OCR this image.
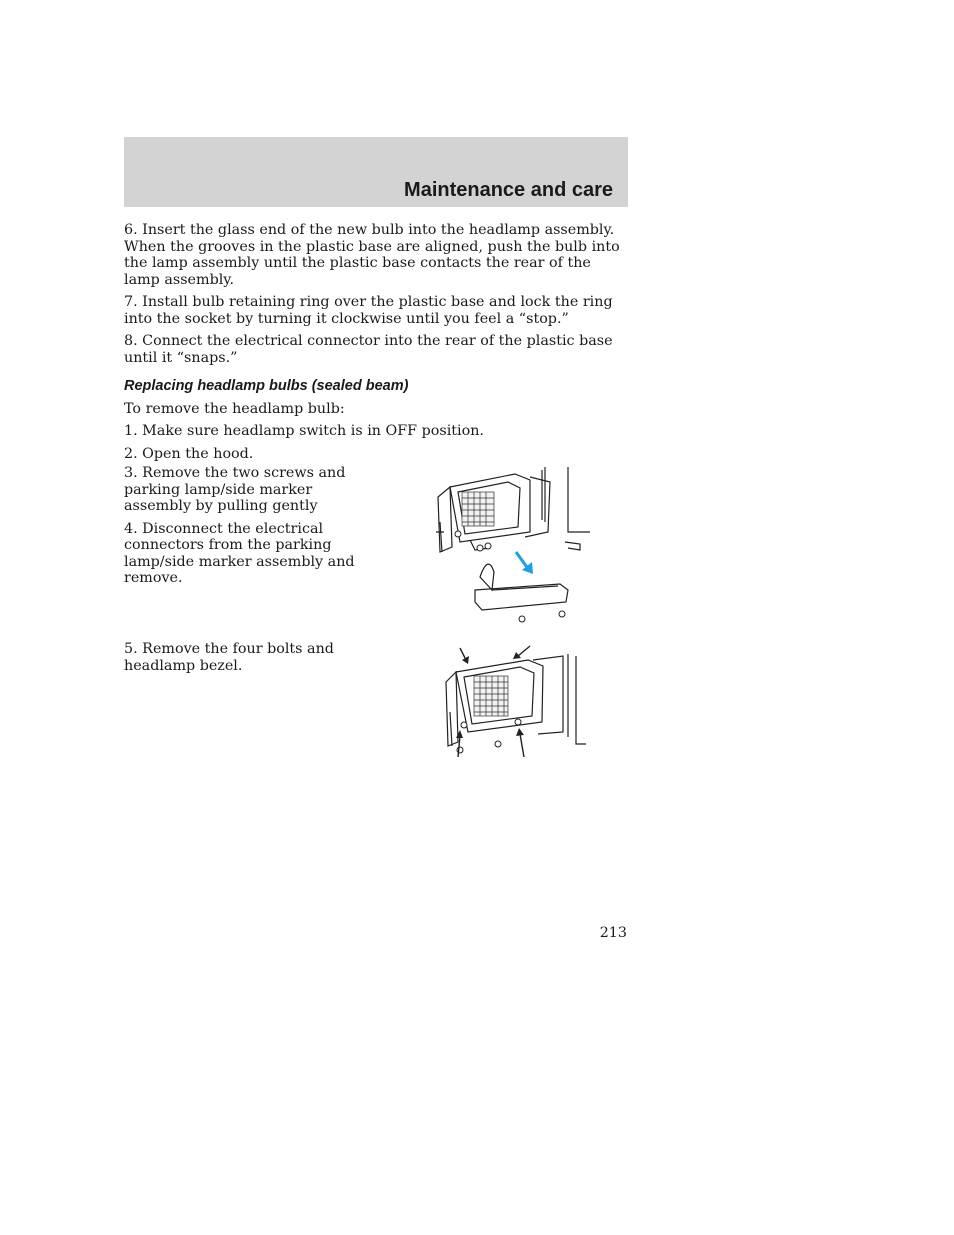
Maintenance and care

6. Insert the glass end of the new bulb into the headlamp assembly. When the grooves in the plastic base are aligned, push the bulb into the lamp assembly until the plastic base contacts the rear of the lamp assembly.

7. Install bulb retaining ring over the plastic base and lock the ring into the socket by turning it clockwise until you feel a “stop.”

8. Connect the electrical connector into the rear of the plastic base until it “snaps.”

Replacing headlamp bulbs (sealed beam)

To remove the headlamp bulb:

1. Make sure headlamp switch is in OFF position.

2. Open the hood.

3. Remove the two screws and parking lamp/side marker assembly by pulling gently

4. Disconnect the electrical connectors from the parking lamp/side marker assembly and remove.

5. Remove the four bolts and headlamp bezel.

213
